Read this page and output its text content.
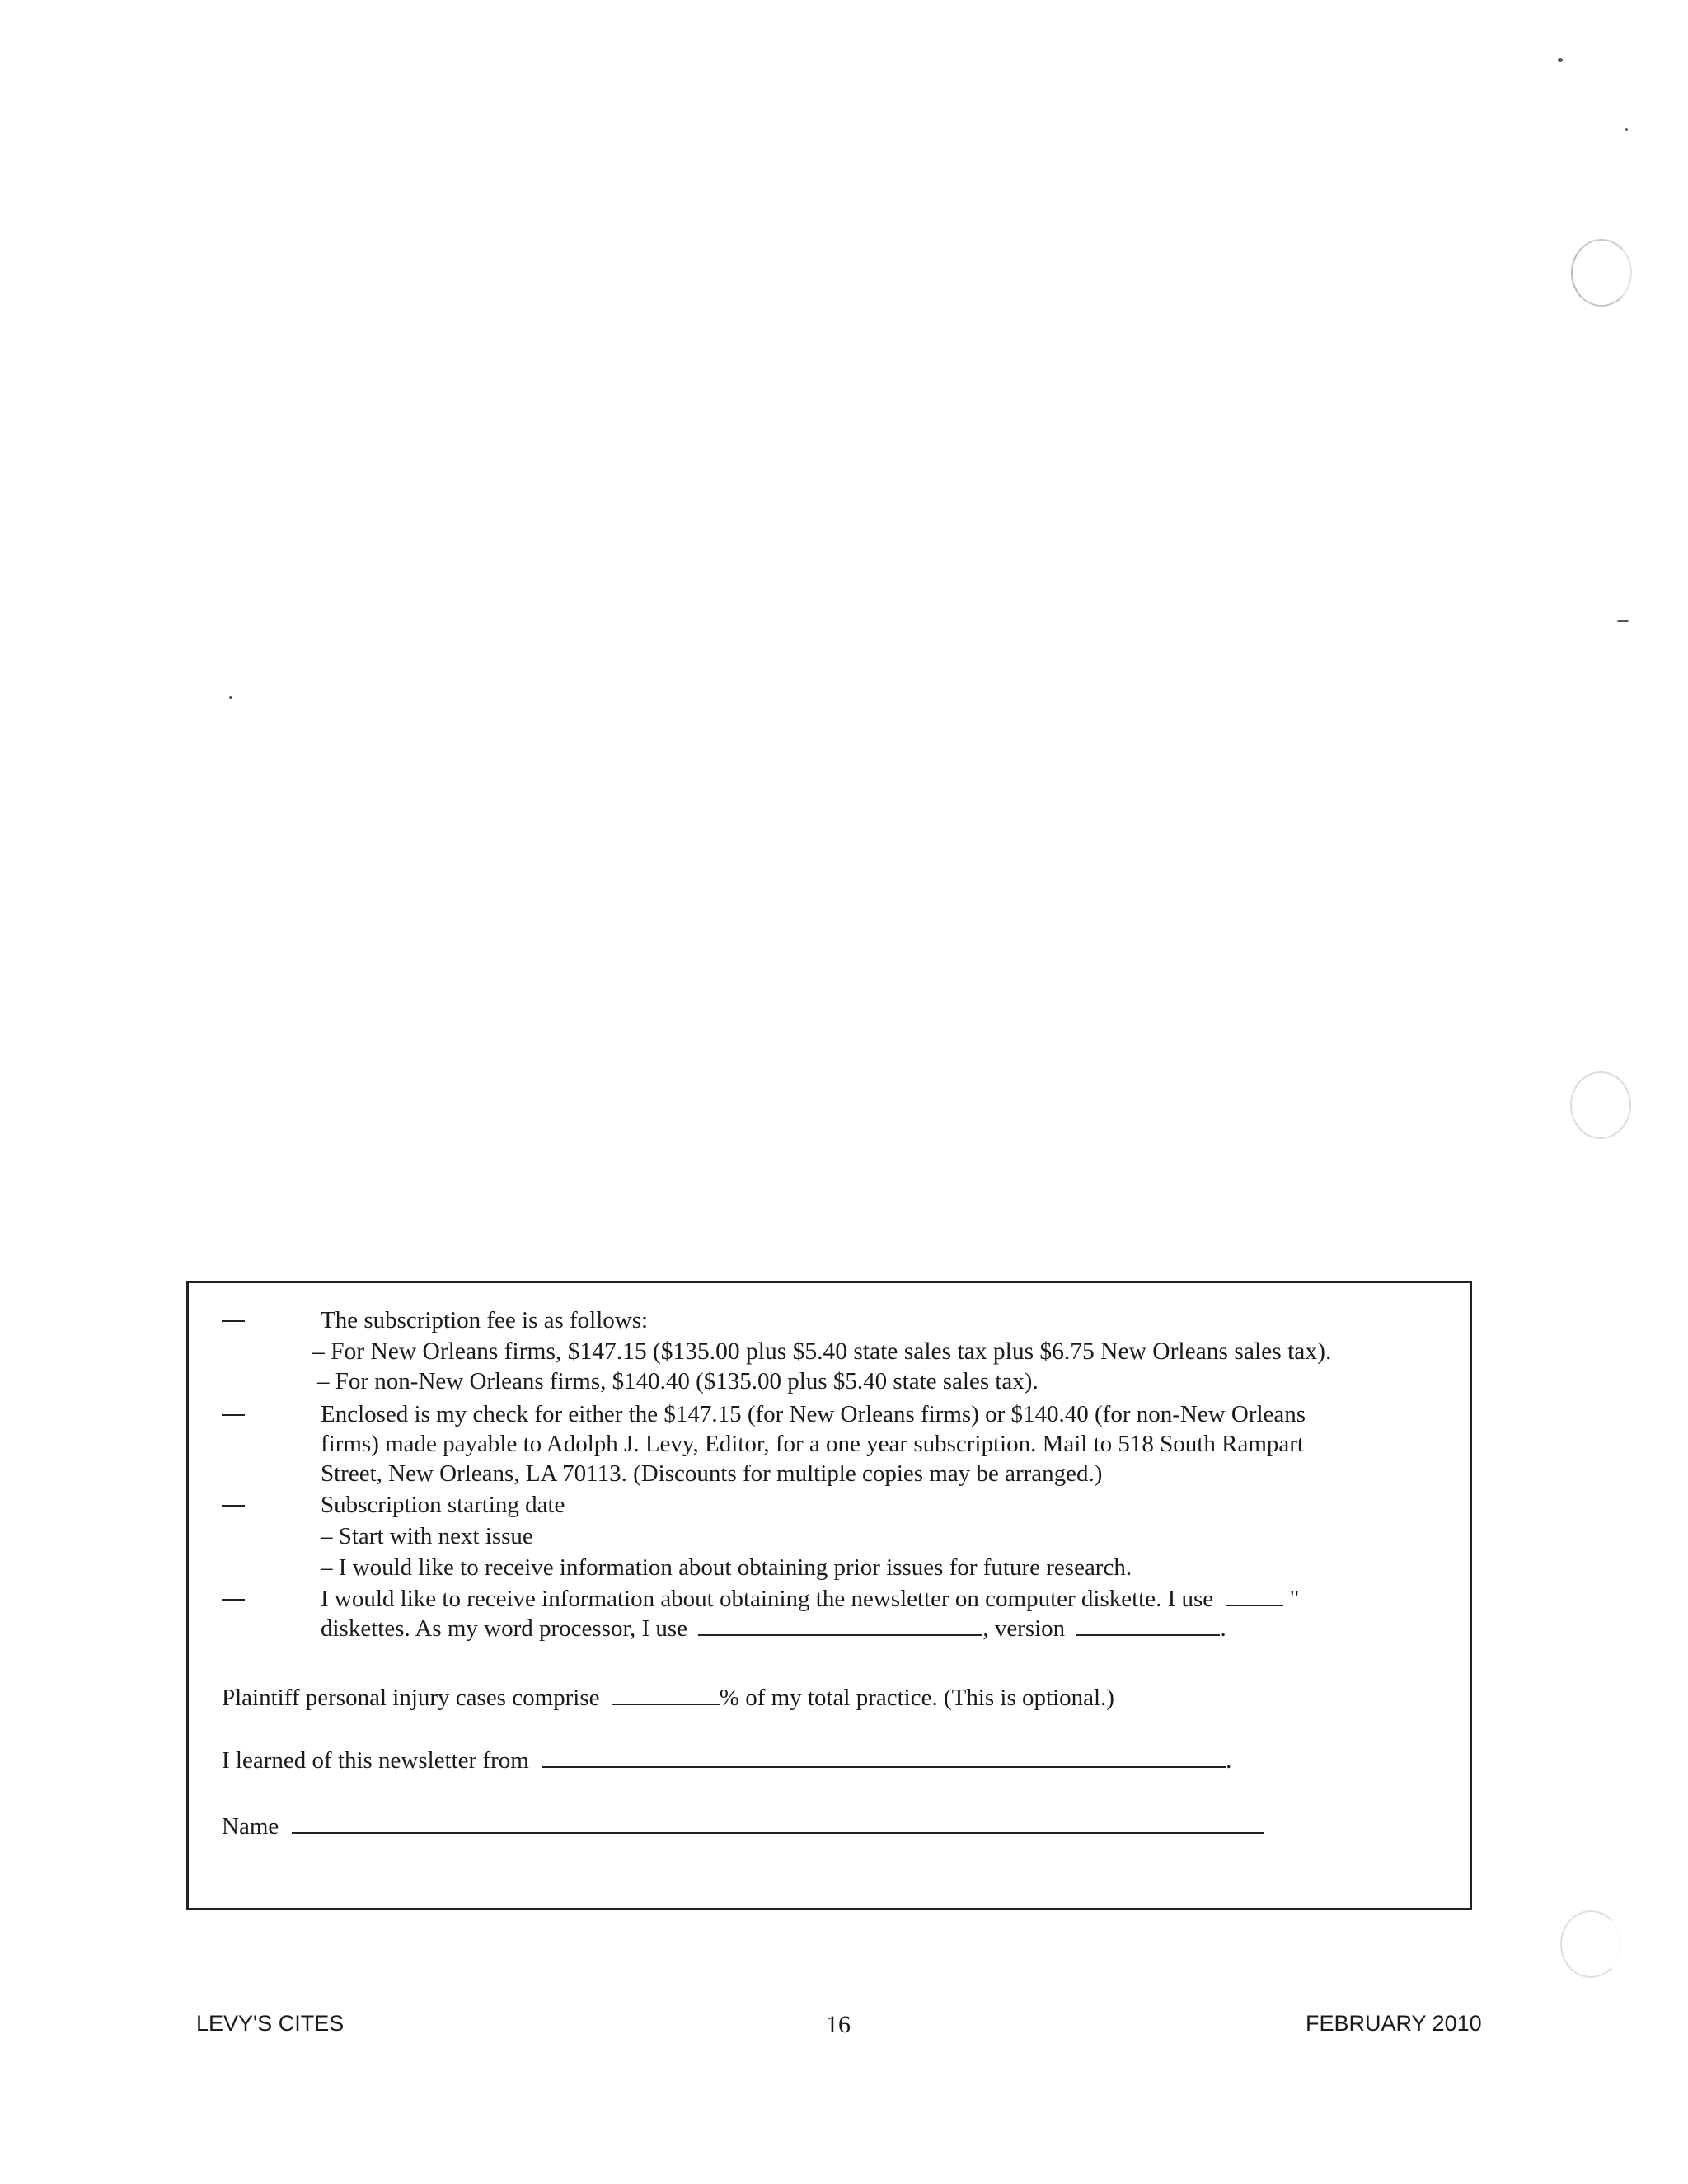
The subscription fee is as follows:
– For New Orleans firms, $147.15 ($135.00 plus $5.40 state sales tax plus $6.75 New Orleans sales tax).
– For non-New Orleans firms, $140.40 ($135.00 plus $5.40 state sales tax).
Enclosed is my check for either the $147.15 (for New Orleans firms) or $140.40 (for non-New Orleans
firms) made payable to Adolph J. Levy, Editor, for a one year subscription. Mail to 518 South Rampart
Street, New Orleans, LA 70113. (Discounts for multiple copies may be arranged.)
Subscription starting date
– Start with next issue
– I would like to receive information about obtaining prior issues for future research.
I would like to receive information about obtaining the newsletter on computer diskette. I use	"
diskettes. As my word processor, I use	, version	.
Plaintiff personal injury cases comprise	% of my total practice. (This is optional.)
I learned of this newsletter from	.
Name
LEVY'S CITES	16	FEBRUARY 2010
